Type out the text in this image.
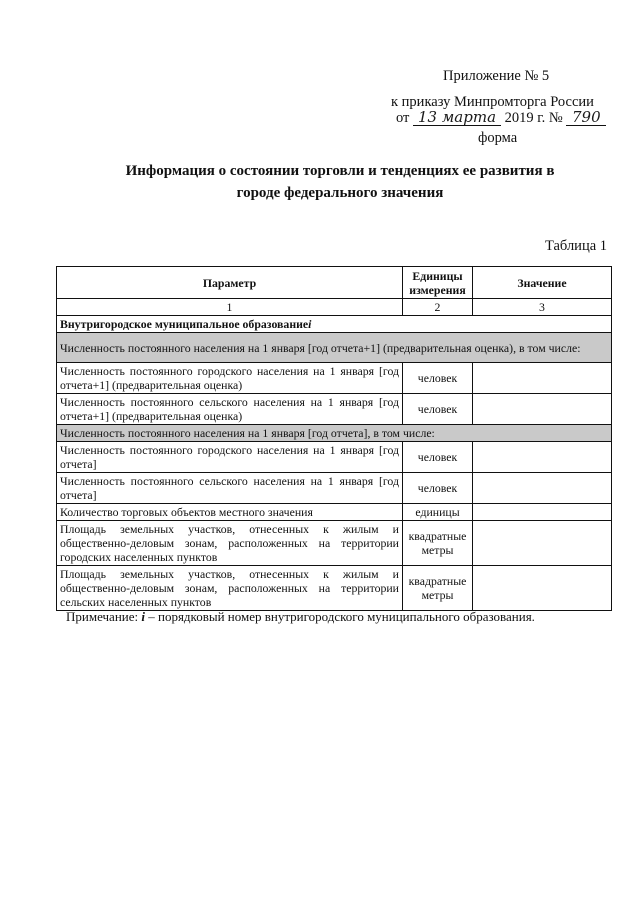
Приложение № 5
к приказу Минпромторга России
от 13 марта 2019 г. № 790
форма
Информация о состоянии торговли и тенденциях ее развития в
городе федерального значения
Таблица 1
Параметр	Единицы измерения	Значение
1	2	3
Внутригородское муниципальное образованиеi		
Численность постоянного населения на 1 января [год отчета+1] (предварительная оценка), в том числе:		
Численность постоянного городского населения на 1 января [год отчета+1] (предварительная оценка)	человек	
Численность постоянного сельского населения на 1 января [год отчета+1] (предварительная оценка)	человек	
Численность постоянного населения на 1 января [год отчета], в том числе:		
Численность постоянного городского населения на 1 января [год отчета]	человек	
Численность постоянного сельского населения на 1 января [год отчета]	человек	
Количество торговых объектов местного значения	единицы	
Площадь земельных участков, отнесенных к жилым и общественно-деловым зонам, расположенных на территории городских населенных пунктов	квадратные метры	
Площадь земельных участков, отнесенных к жилым и общественно-деловым зонам, расположенных на территории сельских населенных пунктов	квадратные метры	
Примечание: i – порядковый номер внутригородского муниципального образования.
